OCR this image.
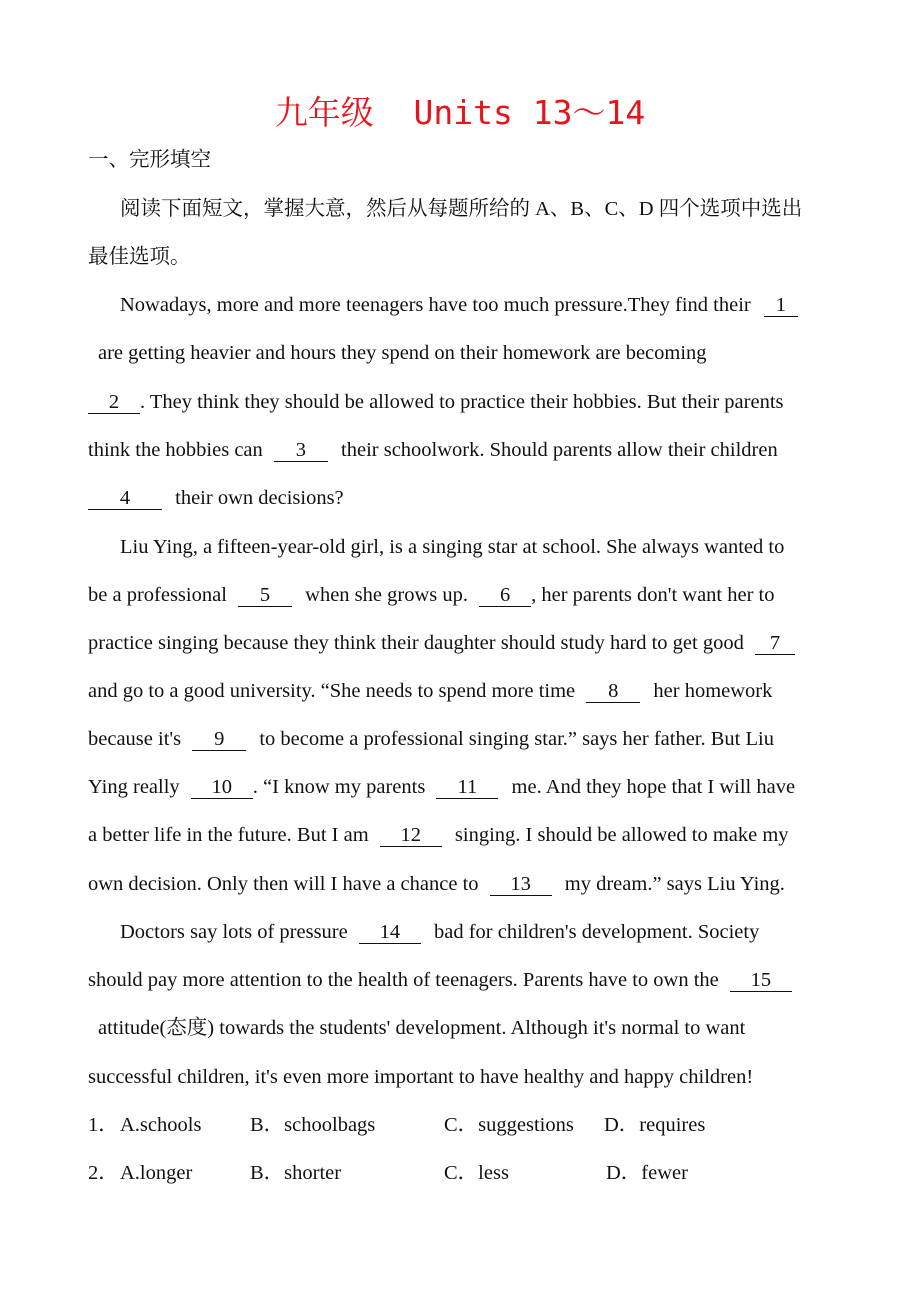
九年级  Units 13～14
一、完形填空
阅读下面短文，掌握大意，然后从每题所给的 A、B、C、D 四个选项中选出
最佳选项。
Nowadays, more and more teenagers have too much pressure.They find their 1
are getting heavier and hours they spend on their homework are becoming
2 . They think they should be allowed to practice their hobbies. But their parents
think the hobbies can 3 their schoolwork. Should parents allow their children
4 their own decisions?
Liu Ying, a fifteen-year-old girl, is a singing star at school. She always wanted to
be a professional 5 when she grows up. 6 , her parents don't want her to
practice singing because they think their daughter should study hard to get good 7
and go to a good university. “She needs to spend more time 8 her homework
because it's 9 to become a professional singing star.” says her father. But Liu
Ying really 10 . “I know my parents 11 me. And they hope that I will have
a better life in the future. But I am 12 singing. I should be allowed to make my
own decision. Only then will I have a chance to 13 my dream.” says Liu Ying.
Doctors say lots of pressure 14 bad for children's development. Society
should pay more attention to the health of teenagers. Parents have to own the 15
attitude(态度) towards the students' development. Although it's normal to want
successful children, it's even more important to have healthy and happy children!
1． A.schools B．schoolbags	C．suggestions D．requires
2． A.longer	B．shorter	C．less	D．fewer
